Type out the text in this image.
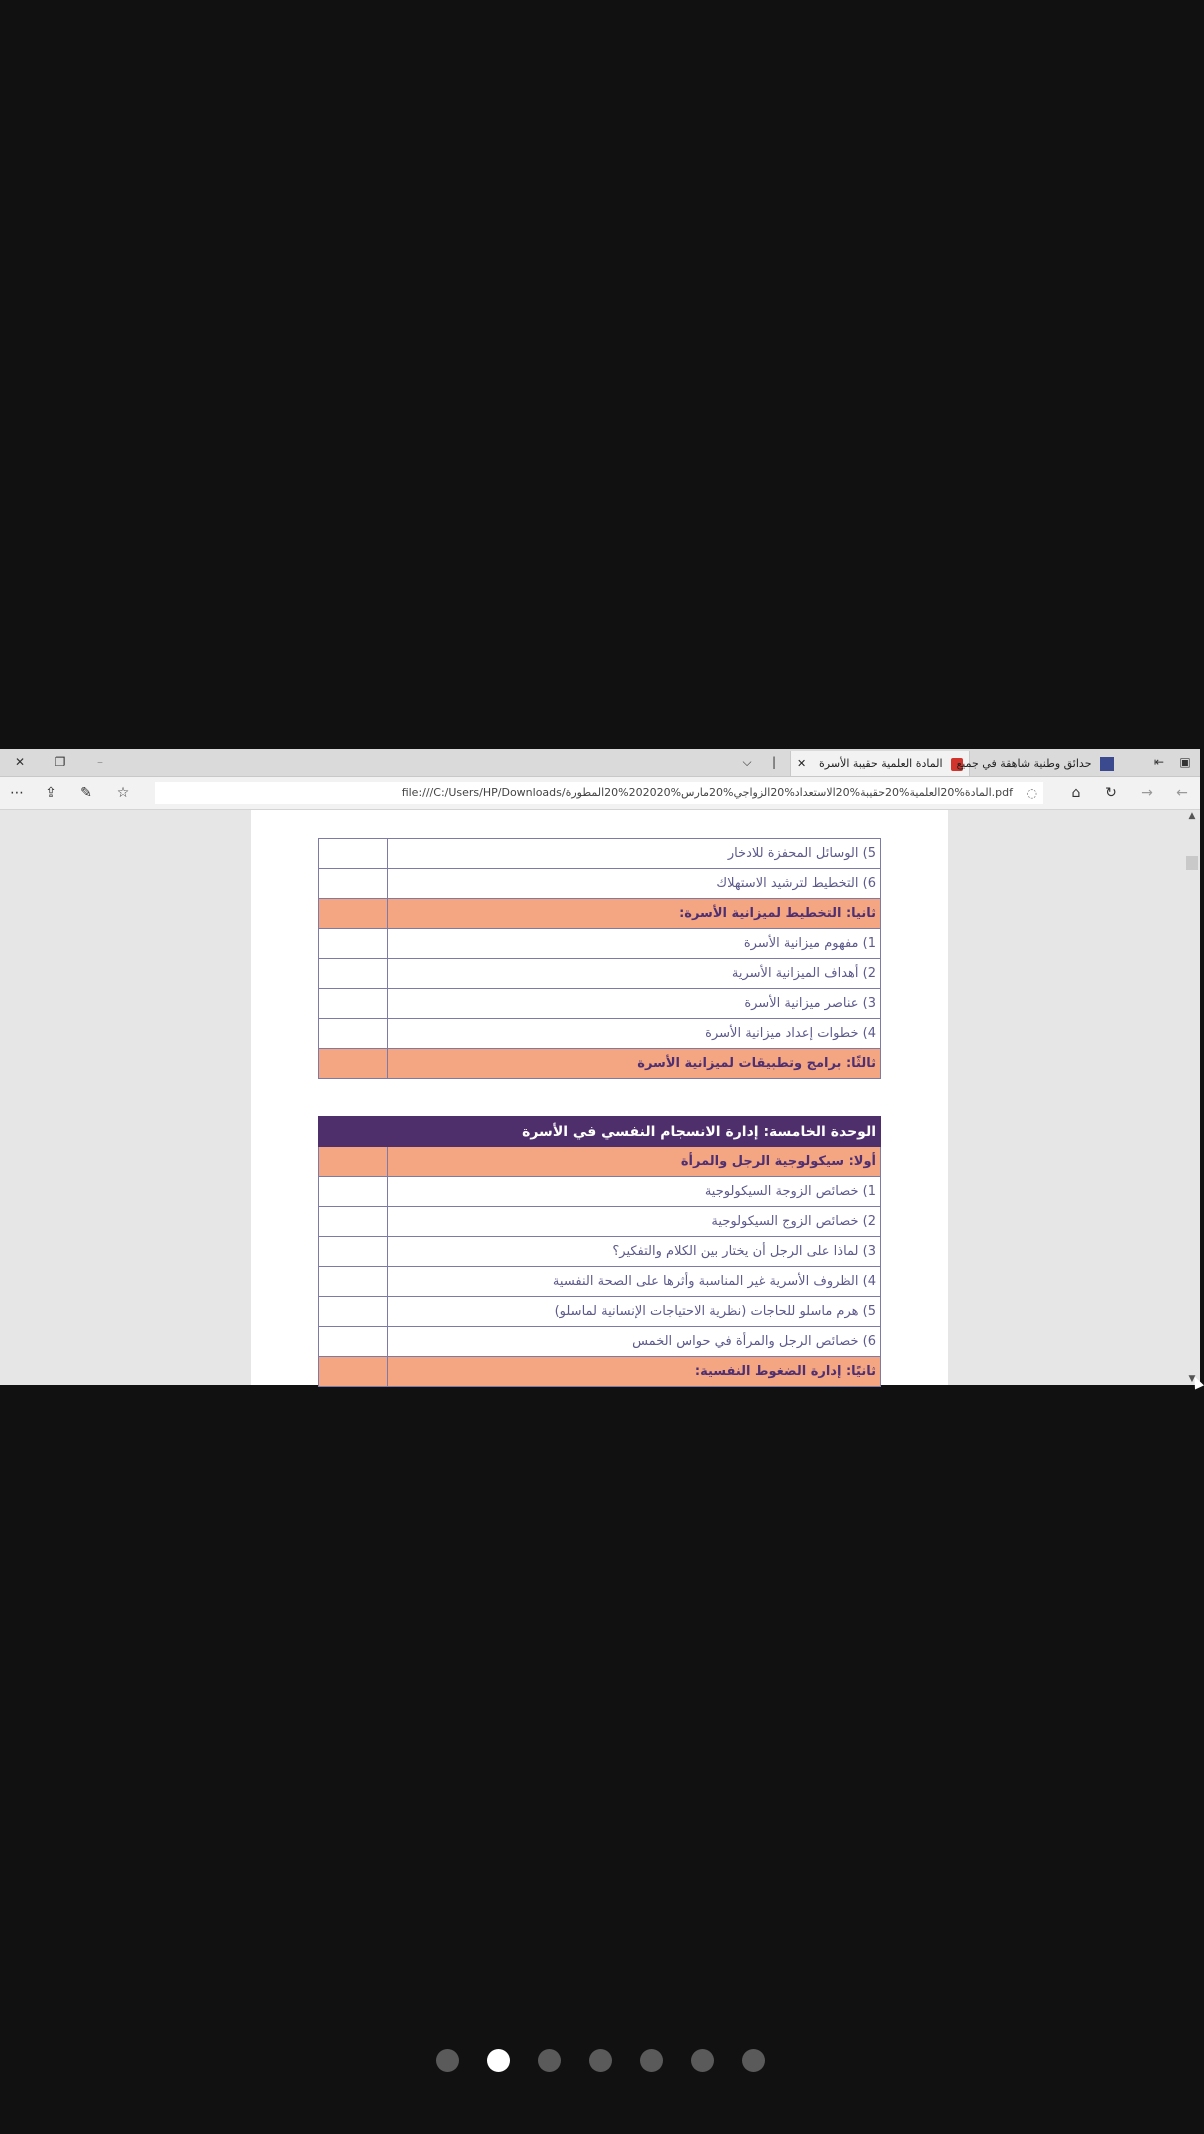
✕	❐	–	⌵	|	المادة العلمية حقيبة الأسرة
✕	حدائق وطنية شاهقة في جميع	⇤	▣
⋯	⇪	✎	☆	file:///C:/Users/HP/Downloads/المادة%20العلمية%20حقيبة%20الاستعداد%20الزواجي%20مارس%202020%20المطورة.pdf ◌	⌂	↻	→	←
5) الوسائل المحفزة للادخار	
6) التخطيط لترشيد الاستهلاك	
ثانيا: التخطيط لميزانية الأسرة:	
1) مفهوم ميزانية الأسرة	
2) أهداف الميزانية الأسرية	
3) عناصر ميزانية الأسرة	
4) خطوات إعداد ميزانية الأسرة	
ثالثًا: برامج وتطبيقات لميزانية الأسرة	
الوحدة الخامسة: إدارة الانسجام النفسي في الأسرة	
أولا: سيكولوجية الرجل والمرأة	
1) خصائص الزوجة السيكولوجية	
2) خصائص الزوج السيكولوجية	
3) لماذا على الرجل أن يختار بين الكلام والتفكير؟	
4) الظروف الأسرية غير المناسبة وأثرها على الصحة النفسية	
5) هرم ماسلو للحاجات (نظرية الاحتياجات الإنسانية لماسلو)	
6) خصائص الرجل والمرأة في حواس الخمس	
ثانيًا: إدارة الضغوط النفسية:	
▲
▼
